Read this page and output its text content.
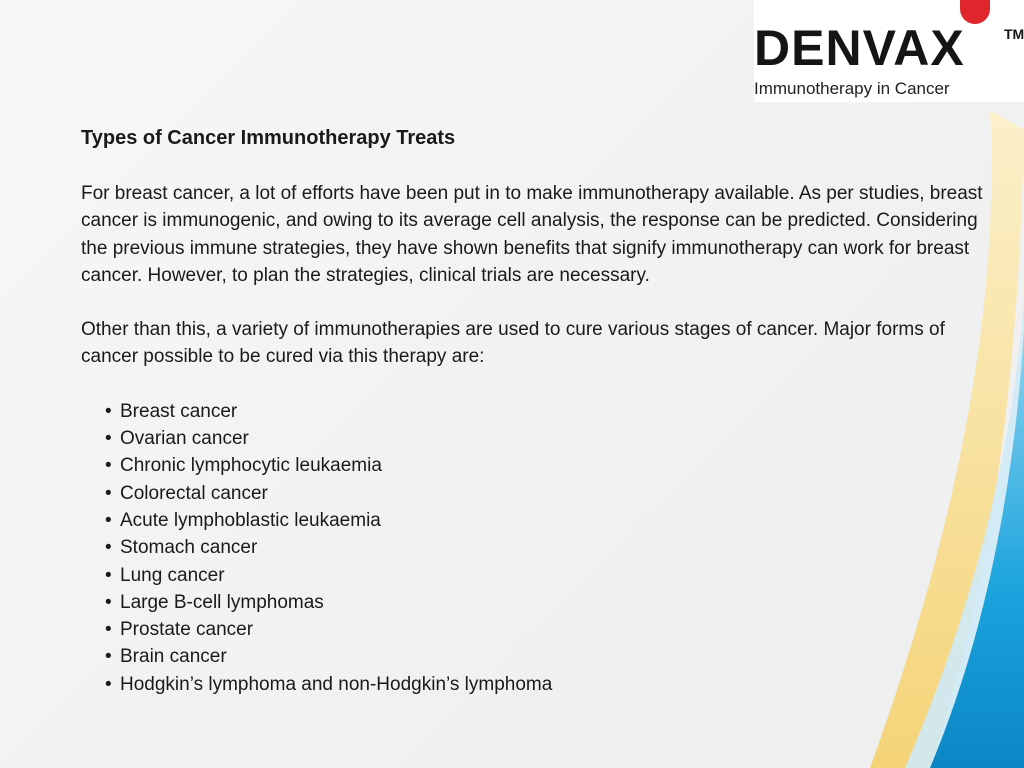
DENVAX	TM
Immunotherapy in Cancer
Types of Cancer Immunotherapy Treats

For breast cancer, a lot of efforts have been put in to make immunotherapy available. As per studies, breast cancer is immunogenic, and owing to its average cell analysis, the response can be predicted. Considering the previous immune strategies, they have shown benefits that signify immunotherapy can work for breast cancer. However, to plan the strategies, clinical trials are necessary.

Other than this, a variety of immunotherapies are used to cure various stages of cancer. Major forms of cancer possible to be cured via this therapy are:

• Breast cancer
• Ovarian cancer
• Chronic lymphocytic leukaemia
• Colorectal cancer
• Acute lymphoblastic leukaemia
• Stomach cancer
• Lung cancer
• Large B-cell lymphomas
• Prostate cancer
• Brain cancer
• Hodgkin’s lymphoma and non-Hodgkin’s lymphoma
